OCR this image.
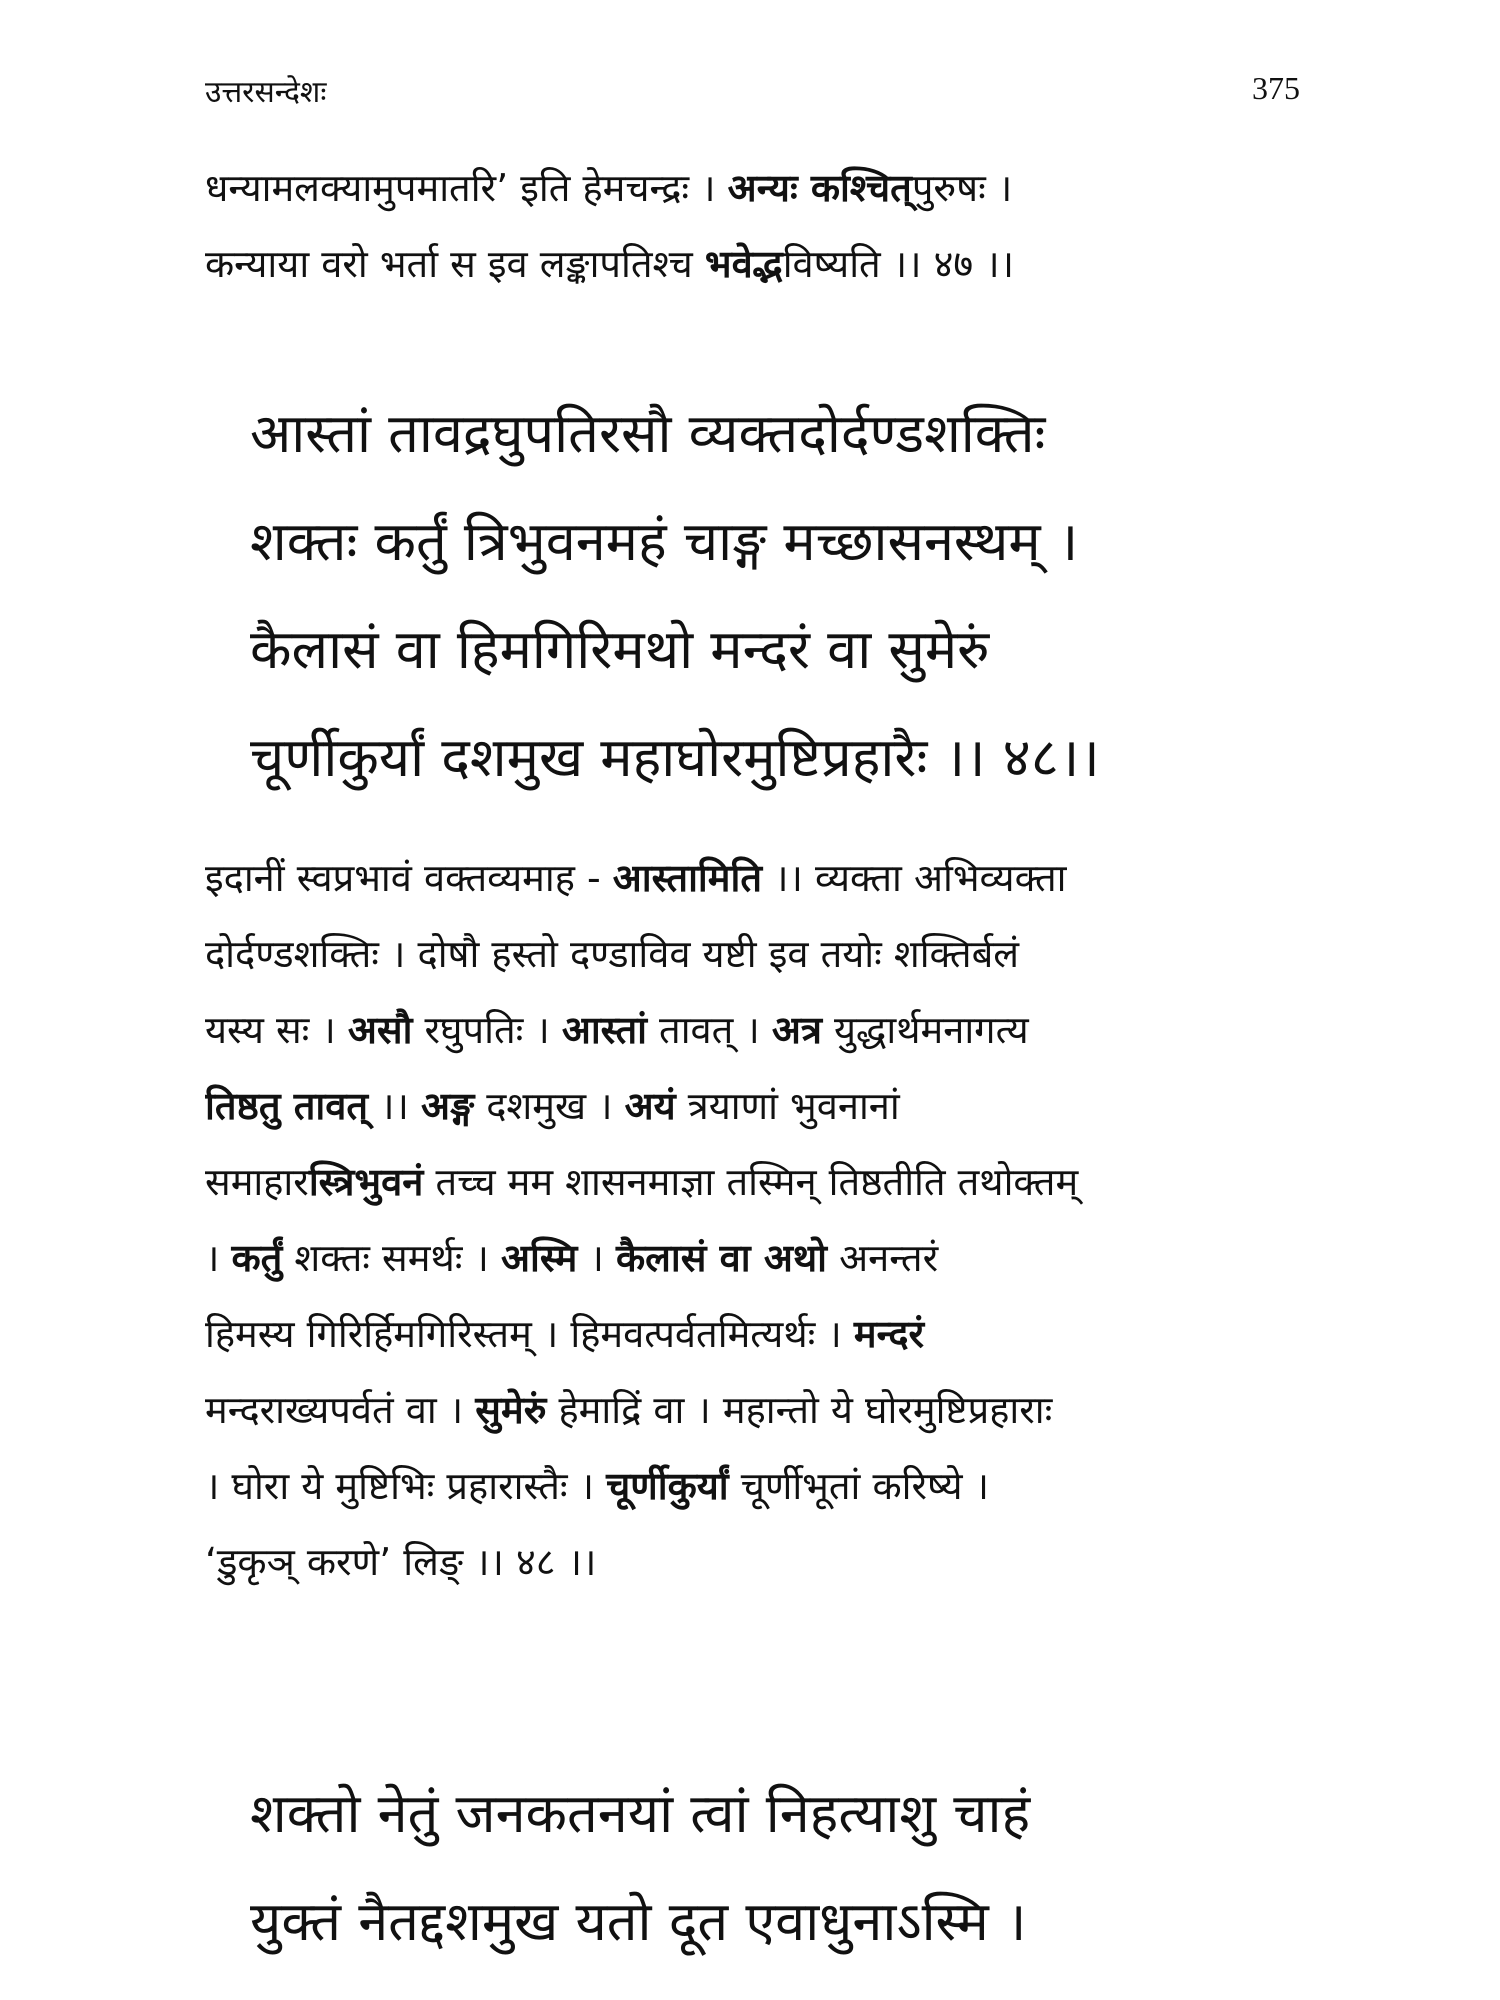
उत्तरसन्देशः	375

धन्यामलक्यामुपमातरि’ इति हेमचन्द्रः । अन्यः कश्चित्पुरुषः ।

कन्याया वरो भर्ता स इव लङ्कापतिश्च भवेद्भविष्यति ।। ४७ ।।

आस्तां तावद्रघुपतिरसौ व्यक्तदोर्दण्डशक्तिः

शक्तः कर्तुं त्रिभुवनमहं चाङ्ग मच्छासनस्थम् ।

कैलासं वा हिमगिरिमथो मन्दरं वा सुमेरुं

चूर्णीकुर्यां दशमुख महाघोरमुष्टिप्रहारैः ।। ४८।।

इदानीं स्वप्रभावं वक्तव्यमाह - आस्तामिति ।। व्यक्ता अभिव्यक्ता

दोर्दण्डशक्तिः । दोषौ हस्तो दण्डाविव यष्टी इव तयोः शक्तिर्बलं

यस्य सः । असौ रघुपतिः । आस्तां तावत् । अत्र युद्धार्थमनागत्य

तिष्ठतु तावत् ।। अङ्ग दशमुख । अयं त्रयाणां भुवनानां

समाहारस्त्रिभुवनं तच्च मम शासनमाज्ञा तस्मिन् तिष्ठतीति तथोक्तम्

। कर्तुं शक्तः समर्थः । अस्मि । कैलासं वा अथो अनन्तरं

हिमस्य गिरिर्हिमगिरिस्तम् । हिमवत्पर्वतमित्यर्थः । मन्दरं

मन्दराख्यपर्वतं वा । सुमेरुं हेमाद्रिं वा । महान्तो ये घोरमुष्टिप्रहाराः

। घोरा ये मुष्टिभिः प्रहारास्तैः । चूर्णीकुर्यां चूर्णीभूतां करिष्ये ।

‘डुकृञ् करणे’ लिङ् ।। ४८ ।।

शक्तो नेतुं जनकतनयां त्वां निहत्याशु चाहं

युक्तं नैतद्दशमुख यतो दूत एवाधुनाऽस्मि ।
